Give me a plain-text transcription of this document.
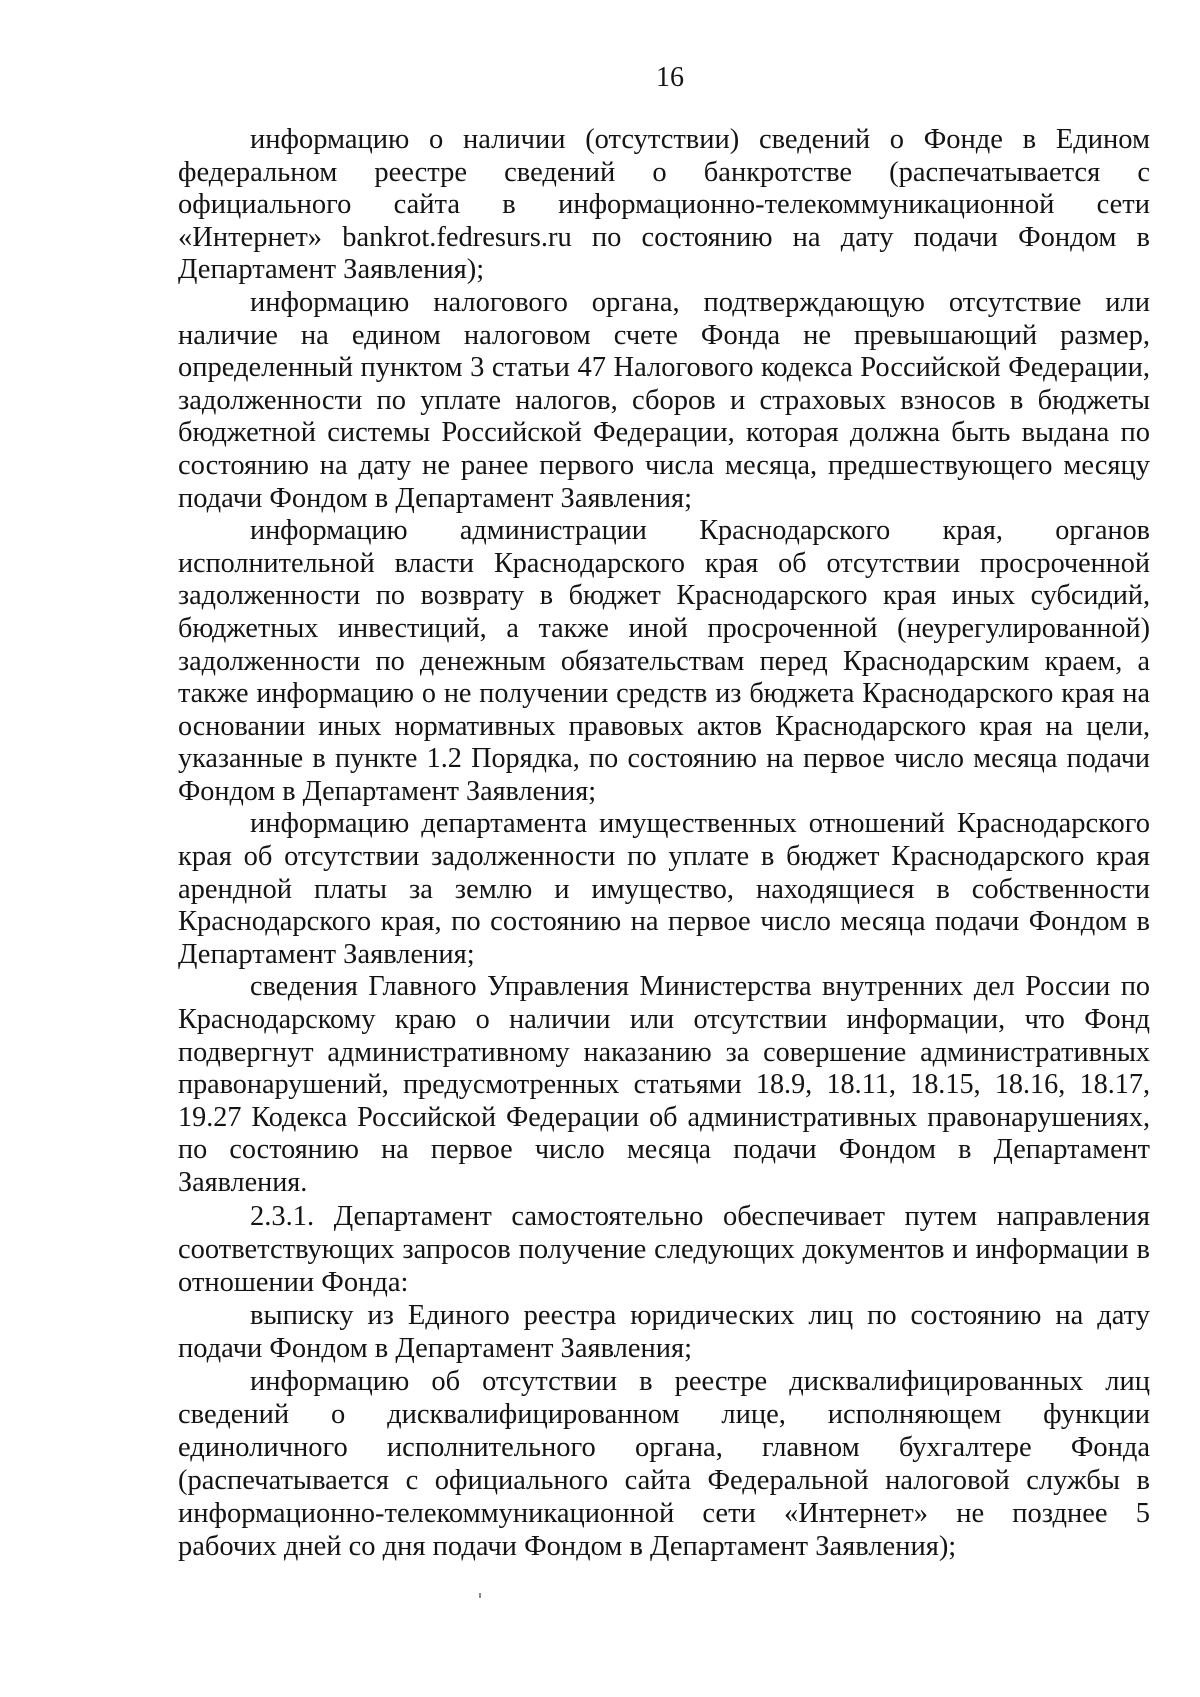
16

информацию о наличии (отсутствии) сведений о Фонде в Едином федеральном реестре сведений о банкротстве (распечатывается с официального сайта в информационно-телекоммуникационной сети «Интернет» bankrot.fedresurs.ru по состоянию на дату подачи Фондом в Департамент Заявления);

информацию налогового органа, подтверждающую отсутствие или наличие на едином налоговом счете Фонда не превышающий размер, определенный пунктом 3 статьи 47 Налогового кодекса Российской Федерации, задолженности по уплате налогов, сборов и страховых взносов в бюджеты бюджетной системы Российской Федерации, которая должна быть выдана по состоянию на дату не ранее первого числа месяца, предшествующего месяцу подачи Фондом в Департамент Заявления;

информацию администрации Краснодарского края, органов исполнительной власти Краснодарского края об отсутствии просроченной задолженности по возврату в бюджет Краснодарского края иных субсидий, бюджетных инвестиций, а также иной просроченной (неурегулированной) задолженности по денежным обязательствам перед Краснодарским краем, а также информацию о не получении средств из бюджета Краснодарского края на основании иных нормативных правовых актов Краснодарского края на цели, указанные в пункте 1.2 Порядка, по состоянию на первое число месяца подачи Фондом в Департамент Заявления;

информацию департамента имущественных отношений Краснодарского края об отсутствии задолженности по уплате в бюджет Краснодарского края арендной платы за землю и имущество, находящиеся в собственности Краснодарского края, по состоянию на первое число месяца подачи Фондом в Департамент Заявления;

сведения Главного Управления Министерства внутренних дел России по Краснодарскому краю о наличии или отсутствии информации, что Фонд подвергнут административному наказанию за совершение административных правонарушений, предусмотренных статьями 18.9, 18.11, 18.15, 18.16, 18.17, 19.27 Кодекса Российской Федерации об административных правонарушениях, по состоянию на первое число месяца подачи Фондом в Департамент Заявления.

2.3.1. Департамент самостоятельно обеспечивает путем направления соответствующих запросов получение следующих документов и информации в отношении Фонда:

выписку из Единого реестра юридических лиц по состоянию на дату подачи Фондом в Департамент Заявления;

информацию об отсутствии в реестре дисквалифицированных лиц сведений о дисквалифицированном лице, исполняющем функции единоличного исполнительного органа, главном бухгалтере Фонда (распечатывается с официального сайта Федеральной налоговой службы в информационно-телекоммуникационной сети «Интернет» не позднее 5 рабочих дней со дня подачи Фондом в Департамент Заявления);
